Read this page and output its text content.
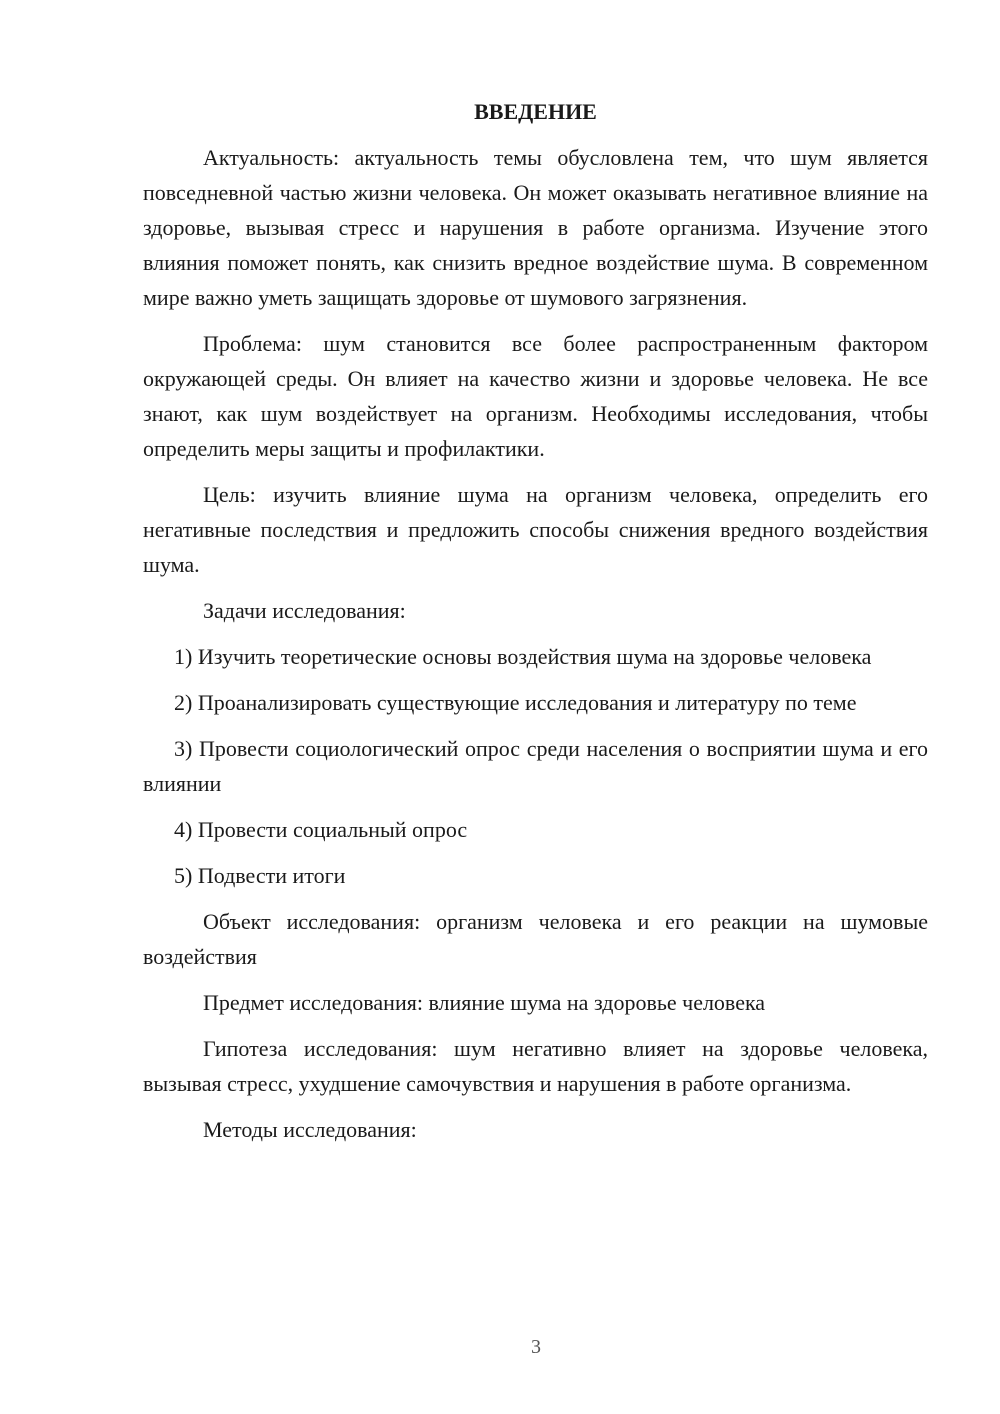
ВВЕДЕНИЕ

Актуальность: актуальность темы обусловлена тем, что шум является повседневной частью жизни человека. Он может оказывать негативное влияние на здоровье, вызывая стресс и нарушения в работе организма. Изучение этого влияния поможет понять, как снизить вредное воздействие шума. В современном мире важно уметь защищать здоровье от шумового загрязнения.

Проблема: шум становится все более распространенным фактором окружающей среды. Он влияет на качество жизни и здоровье человека. Не все знают, как шум воздействует на организм. Необходимы исследования, чтобы определить меры защиты и профилактики.

Цель: изучить влияние шума на организм человека, определить его негативные последствия и предложить способы снижения вредного воздействия шума.

Задачи исследования:

1) Изучить теоретические основы воздействия шума на здоровье человека

2) Проанализировать существующие исследования и литературу по теме

3) Провести социологический опрос среди населения о восприятии шума и его влиянии

4) Провести социальный опрос

5) Подвести итоги

Объект исследования: организм человека и его реакции на шумовые воздействия

Предмет исследования: влияние шума на здоровье человека

Гипотеза исследования: шум негативно влияет на здоровье человека, вызывая стресс, ухудшение самочувствия и нарушения в работе организма.

Методы исследования:

3
